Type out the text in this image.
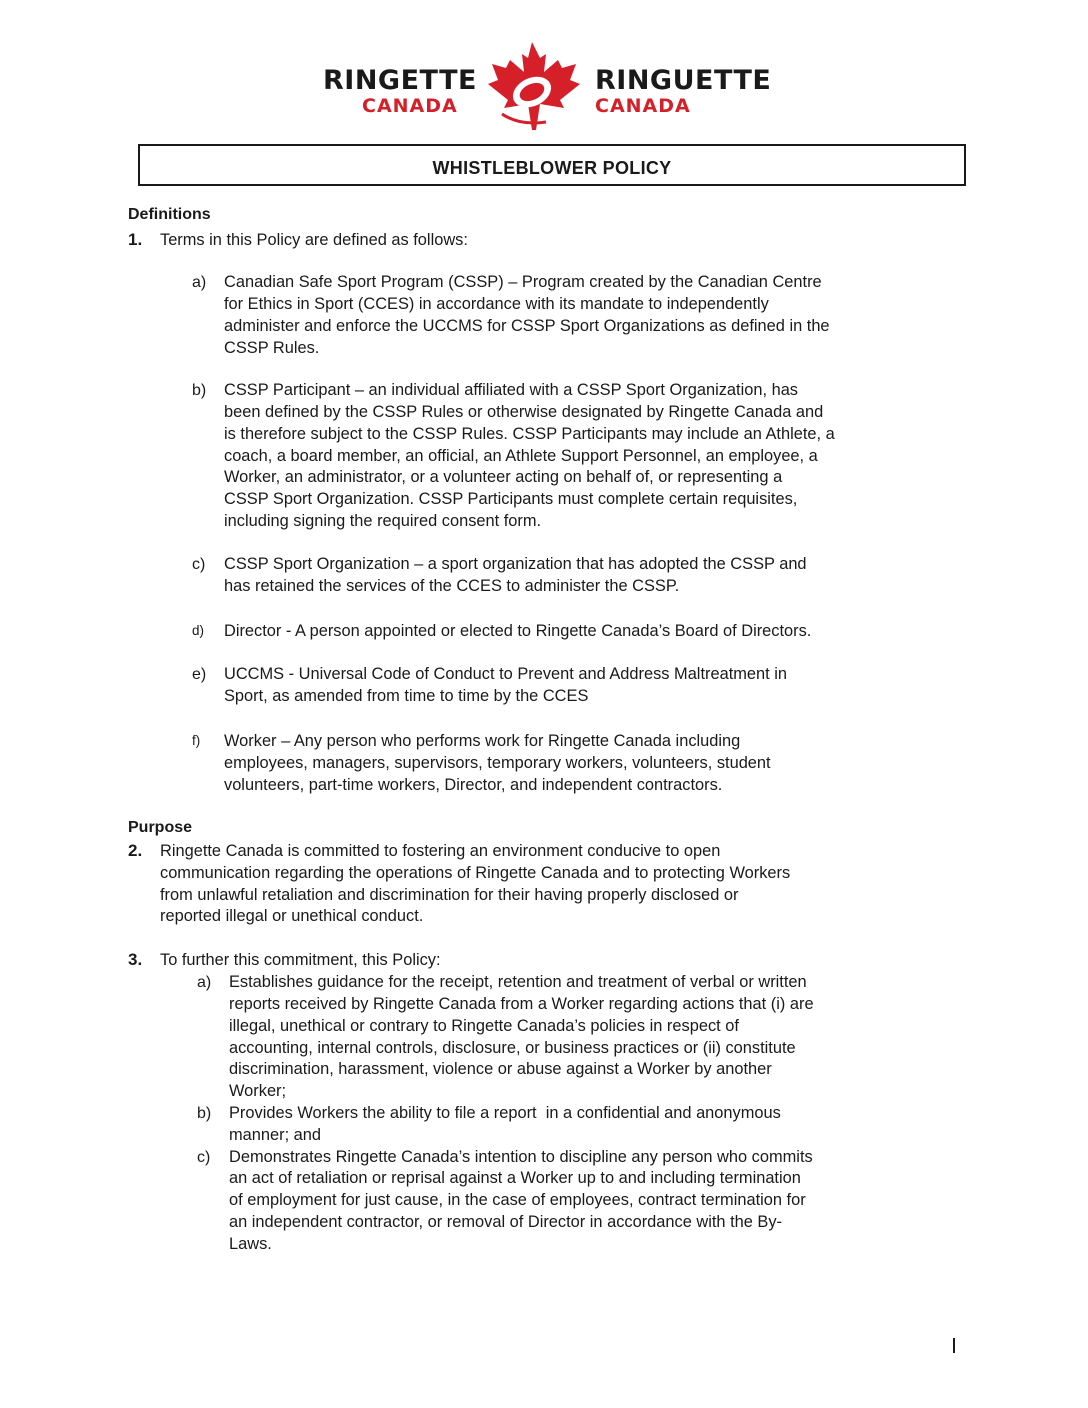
RINGETTE
CANADA
RINGUETTE
CANADA
WHISTLEBLOWER POLICY
Definitions
1. Terms in this Policy are defined as follows:
a) Canadian Safe Sport Program (CSSP) – Program created by the Canadian Centre
for Ethics in Sport (CCES) in accordance with its mandate to independently
administer and enforce the UCCMS for CSSP Sport Organizations as defined in the
CSSP Rules.
b) CSSP Participant – an individual affiliated with a CSSP Sport Organization, has
been defined by the CSSP Rules or otherwise designated by Ringette Canada and
is therefore subject to the CSSP Rules. CSSP Participants may include an Athlete, a
coach, a board member, an official, an Athlete Support Personnel, an employee, a
Worker, an administrator, or a volunteer acting on behalf of, or representing a
CSSP Sport Organization. CSSP Participants must complete certain requisites,
including signing the required consent form.
c) CSSP Sport Organization – a sport organization that has adopted the CSSP and
has retained the services of the CCES to administer the CSSP.
d) Director - A person appointed or elected to Ringette Canada’s Board of Directors.
e) UCCMS - Universal Code of Conduct to Prevent and Address Maltreatment in
Sport, as amended from time to time by the CCES
f) Worker – Any person who performs work for Ringette Canada including
employees, managers, supervisors, temporary workers, volunteers, student
volunteers, part-time workers, Director, and independent contractors.
Purpose
2. Ringette Canada is committed to fostering an environment conducive to open
communication regarding the operations of Ringette Canada and to protecting Workers
from unlawful retaliation and discrimination for their having properly disclosed or
reported illegal or unethical conduct.
3. To further this commitment, this Policy:
a) Establishes guidance for the receipt, retention and treatment of verbal or written
reports received by Ringette Canada from a Worker regarding actions that (i) are
illegal, unethical or contrary to Ringette Canada’s policies in respect of
accounting, internal controls, disclosure, or business practices or (ii) constitute
discrimination, harassment, violence or abuse against a Worker by another
Worker;
b) Provides Workers the ability to file a report  in a confidential and anonymous
manner; and
c) Demonstrates Ringette Canada’s intention to discipline any person who commits
an act of retaliation or reprisal against a Worker up to and including termination
of employment for just cause, in the case of employees, contract termination for
an independent contractor, or removal of Director in accordance with the By-
Laws.
